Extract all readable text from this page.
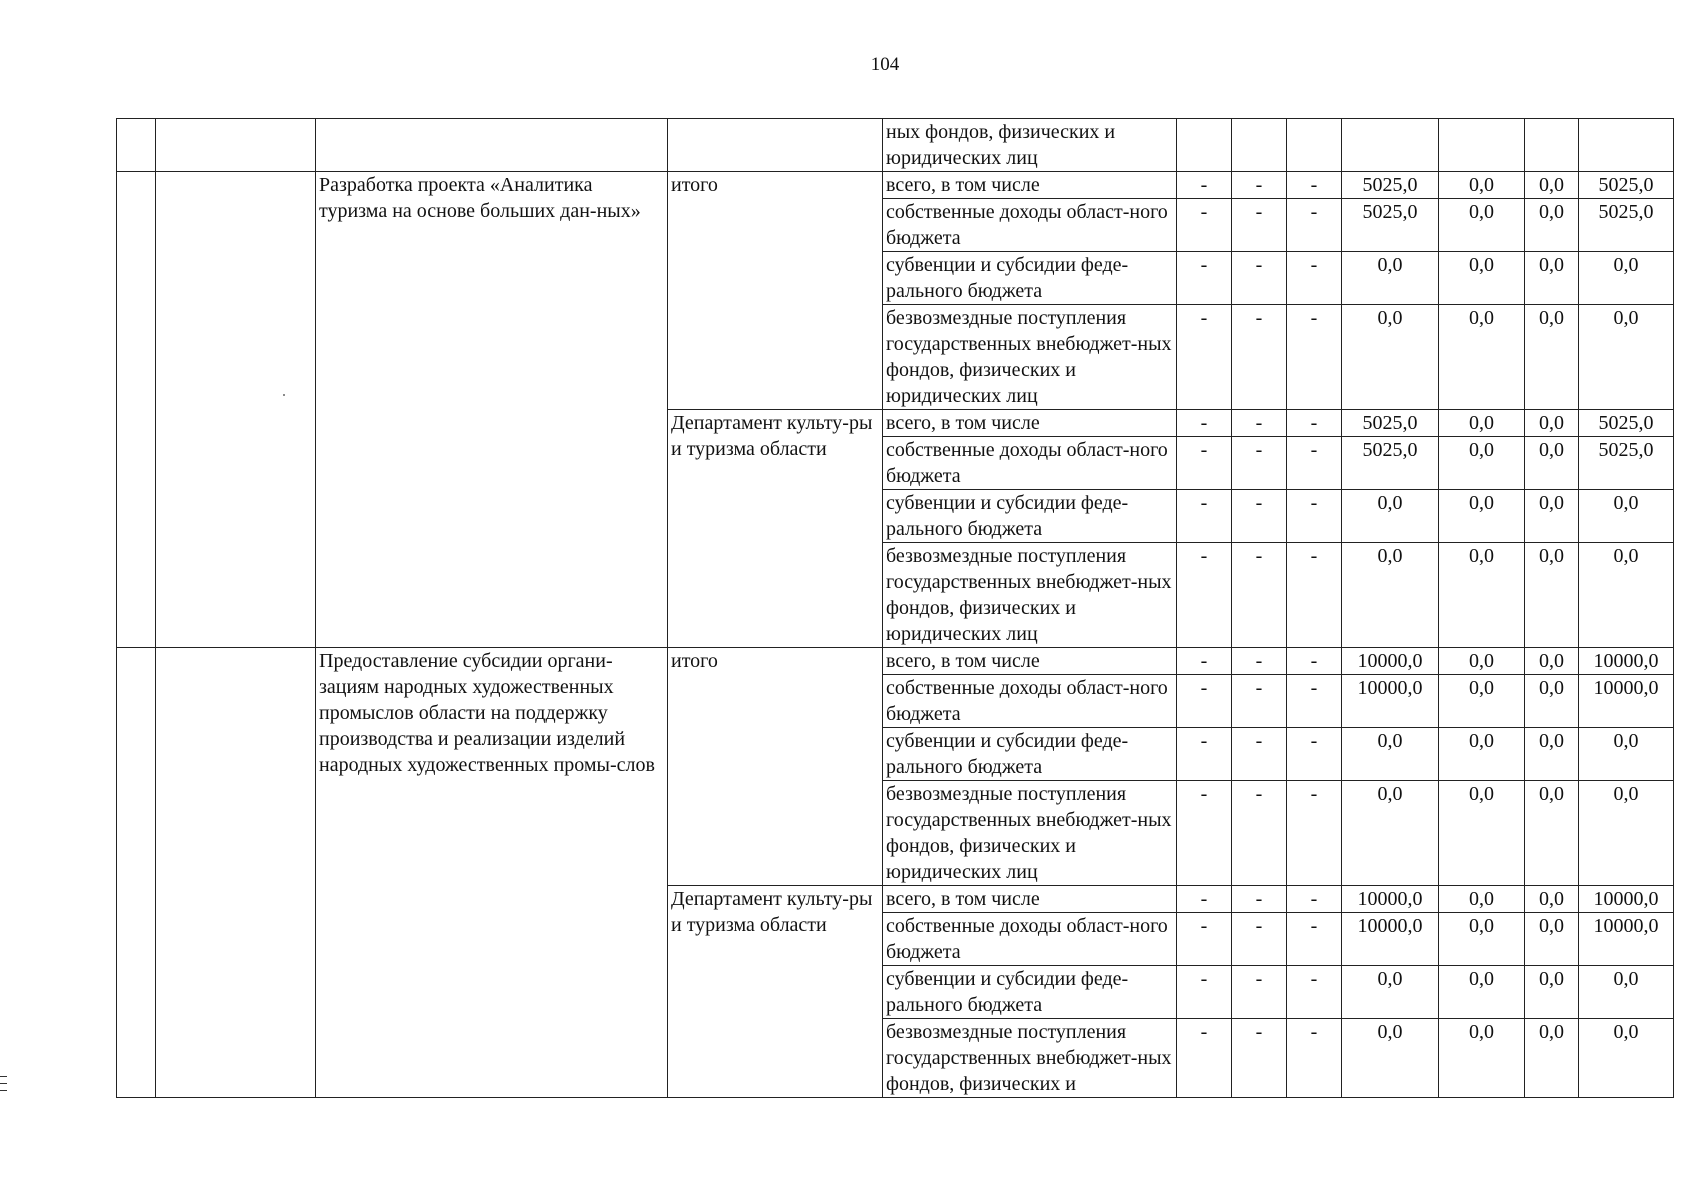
104
				ных фондов, физических и юридических лиц							
		Разработка проекта «Аналитика туризма на основе больших дан-ных»	итого	всего, в том числе	-	-	-	5025,0	0,0	0,0	5025,0
				собственные доходы област-ного бюджета	-	-	-	5025,0	0,0	0,0	5025,0
				субвенции и субсидии феде-рального бюджета	-	-	-	0,0	0,0	0,0	0,0
				безвозмездные поступления государственных внебюджет-ных фондов, физических и юридических лиц	-	-	-	0,0	0,0	0,0	0,0
			Департамент культу-ры и туризма области	всего, в том числе	-	-	-	5025,0	0,0	0,0	5025,0
				собственные доходы област-ного бюджета	-	-	-	5025,0	0,0	0,0	5025,0
				субвенции и субсидии феде-рального бюджета	-	-	-	0,0	0,0	0,0	0,0
				безвозмездные поступления государственных внебюджет-ных фондов, физических и юридических лиц	-	-	-	0,0	0,0	0,0	0,0
		Предоставление субсидии органи-зациям народных художественных промыслов области на поддержку производства и реализации изделий народных художественных промы-слов	итого	всего, в том числе	-	-	-	10000,0	0,0	0,0	10000,0
				собственные доходы област-ного бюджета	-	-	-	10000,0	0,0	0,0	10000,0
				субвенции и субсидии феде-рального бюджета	-	-	-	0,0	0,0	0,0	0,0
				безвозмездные поступления государственных внебюджет-ных фондов, физических и юридических лиц	-	-	-	0,0	0,0	0,0	0,0
			Департамент культу-ры и туризма области	всего, в том числе	-	-	-	10000,0	0,0	0,0	10000,0
				собственные доходы област-ного бюджета	-	-	-	10000,0	0,0	0,0	10000,0
				субвенции и субсидии феде-рального бюджета	-	-	-	0,0	0,0	0,0	0,0
				безвозмездные поступления государственных внебюджет-ных фондов, физических и	-	-	-	0,0	0,0	0,0	0,0
